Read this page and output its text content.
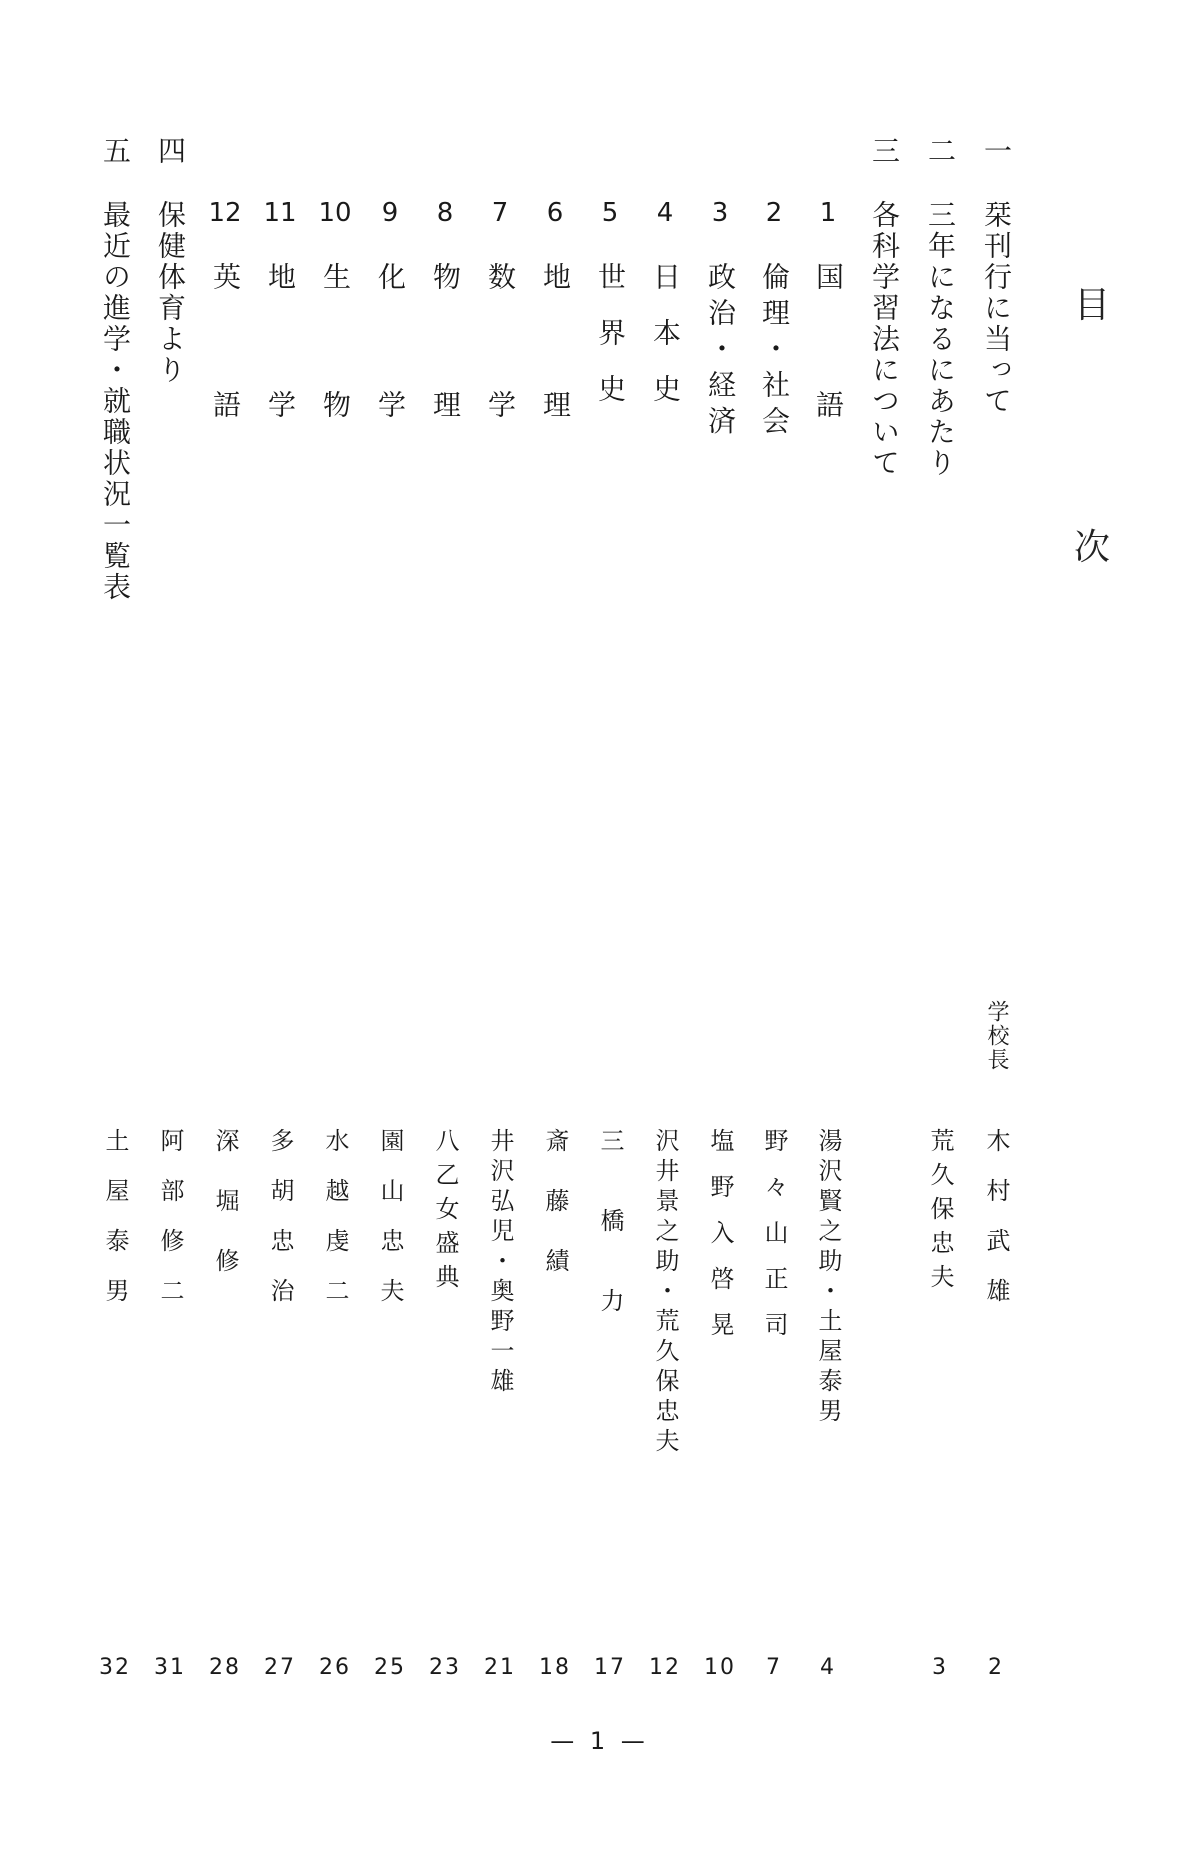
目
次
一
栞刊行に当って
学校長
木村武雄
2
二
三年になるにあたり
荒久保忠夫
3
三
各科学習法について
1
国語
湯沢賢之助・土屋泰男
4
2
倫理・社会
野々山正司
7
3
政治・経済
塩野入啓晃
10
4
日本史
沢井景之助・荒久保忠夫
12
5
世界史
三橋力
17
6
地理
斎藤績
18
7
数学
井沢弘児・奥野一雄
21
8
物理
八乙女盛典
23
9
化学
園山忠夫
25
10
生物
水越虔二
26
11
地学
多胡忠治
27
12
英語
深堀修
28
四
保健体育より
阿部修二
31
五
最近の進学・就職状況一覧表
土屋泰男
32
— 1 —
